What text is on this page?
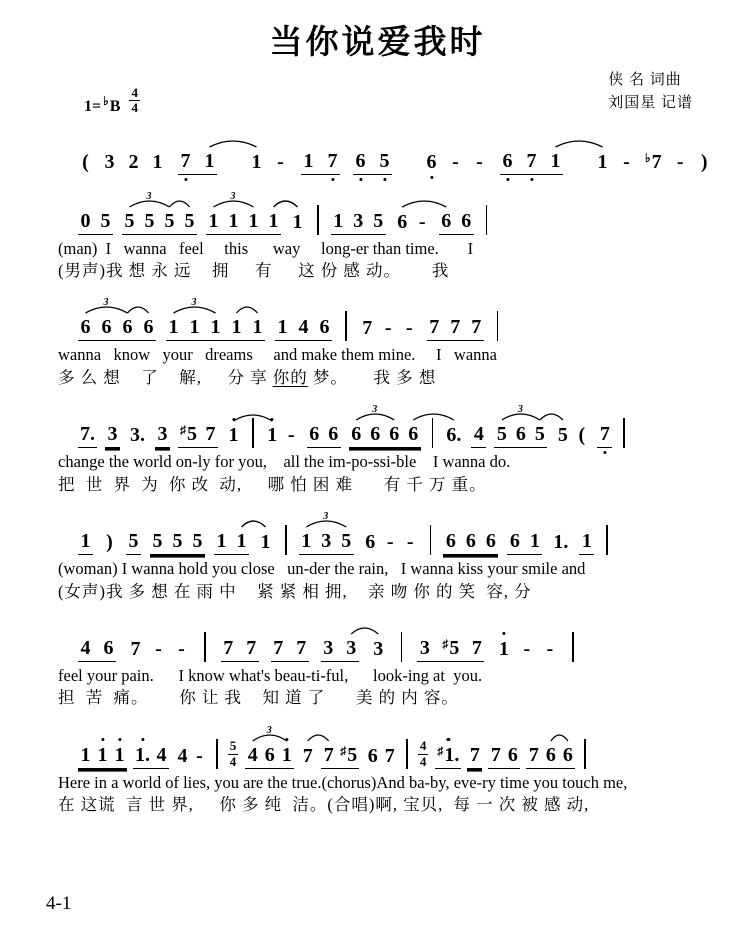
当你说爱我时
1= ♭B
4
4
侠 名 词曲
刘国星 记谱
( 3 2 1 7 1 1 - 1 7 6 5 6 - - 6 7 1 1 - ♭7 - )
0 5 5 5 5 5 1 1 1 1 1 1 3 5 6 - 6 6
3	3
(man)  I   wanna   feel     this      way     long-er than time.       I
(男声)我 想 永 远    拥     有     这 份 感 动。      我
6 6 6 6 1 1 1 1 1 1 4 6 7 - - 7 7 7
3	3
wanna   know   your   dreams     and make them mine.     I   wanna
多 么 想    了    解,     分 享 你的 梦。     我 多 想
7. 3 3. 3 ♯5 7 1 1 - 6 6 6 6 6 6 6. 4 5 6 5 5 ( 7
3	3
change the world on-ly for you,    all the im-po-ssi-ble    I wanna do.
把  世  界  为  你 改  动,     哪 怕 困 难      有 千 万 重。
1 ) 5 5 5 5 1 1 1 1 3 5 6 - - 6 6 6 6 1 1. 1
3
(woman) I wanna hold you close   un-der the rain,   I wanna kiss your smile and
(女声)我 多 想 在 雨 中    紧 紧 相 拥,    亲 吻 你 的 笑  容, 分
4 6 7 - - 7 7 7 7 3 3 3 3 ♯5 7 1 - -
feel your pain.      I know what's beau-ti-ful,      look-ing at  you.
担  苦  痛。      你 让 我    知 道 了      美 的 内 容。
1 1 1 1. 4 4 - 5
4 4 6 1 7 7 ♯5 6 7 4
4
♯1. 7 7 6 7 6 6
3
Here in a world of lies, you are the true.(chorus)And ba-by, eve-ry time you touch me,
在 这谎  言 世 界,     你 多 纯  洁。(合唱)啊, 宝贝,  每 一 次 被 感 动,
4-1
